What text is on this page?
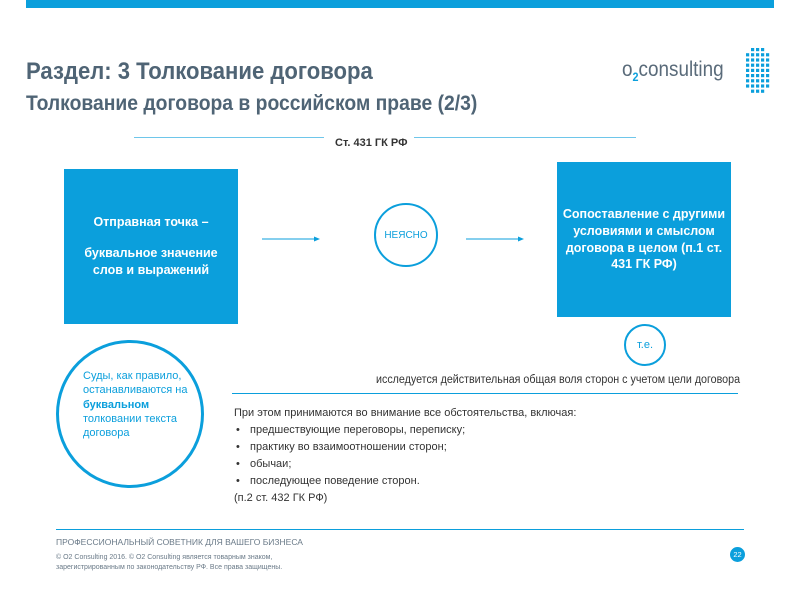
Раздел: 3 Толкование договора
Толкование договора в российском праве (2/3)
$o_2consulting$
Ст. 431 ГК РФ
Отправная точка –
буквальное значение слов и выражений
НЕЯСНО
Сопоставление с другими условиями и смыслом договора в целом (п.1 ст. 431 ГК РФ)
т.е.
Суды, как правило, останавливаются на буквальном толковании текста договора
исследуется действительная общая воля сторон с учетом цели договора
При этом принимаются во внимание все обстоятельства, включая:
• предшествующие переговоры, переписку;
• практику во взаимоотношении сторон;
• обычаи;
• последующее поведение сторон.
(п.2 ст. 432 ГК РФ)
ПРОФЕССИОНАЛЬНЫЙ СОВЕТНИК ДЛЯ ВАШЕГО БИЗНЕСА
© O2 Consulting 2016. © O2 Consulting является товарным знаком,
зарегистрированным по законодательству РФ. Все права защищены.
22
